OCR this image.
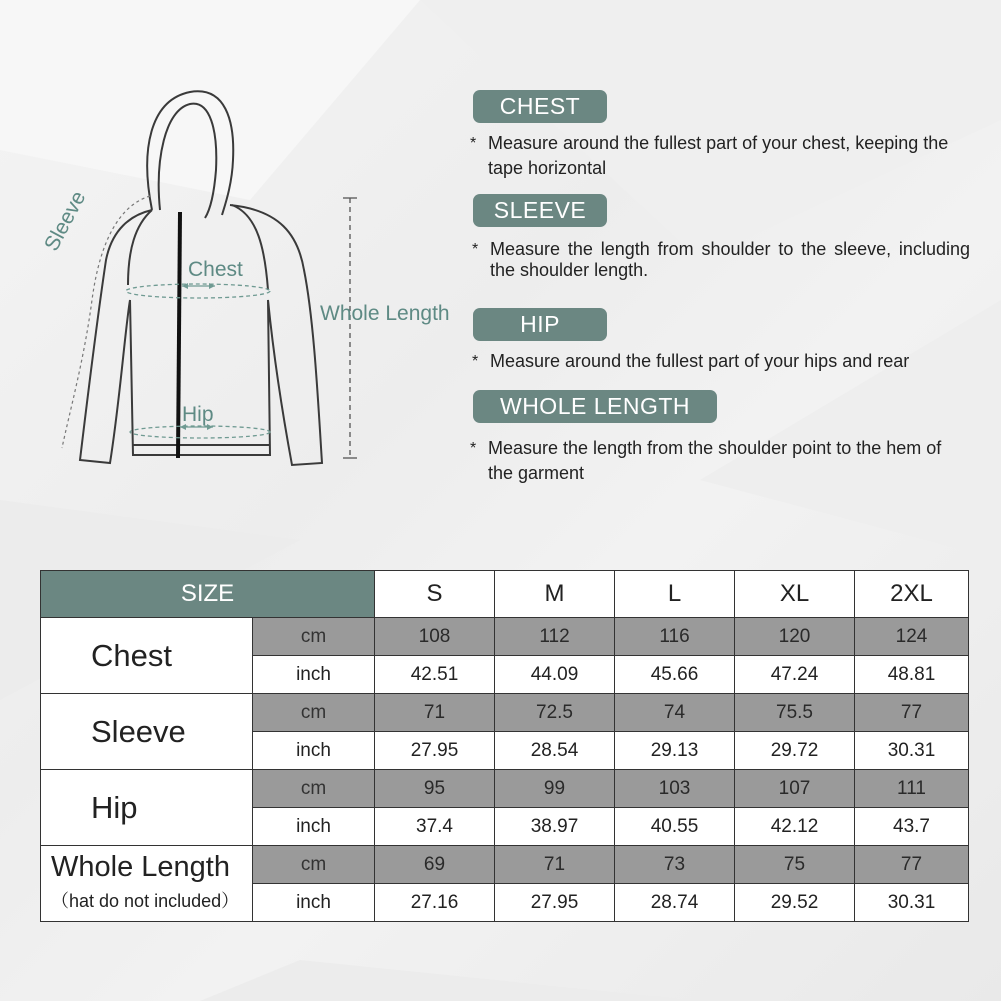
Sleeve
Chest
Whole Length
Hip
CHEST
* Measure around the fullest part of your chest, keeping the tape horizontal
SLEEVE
* Measure the length from shoulder to the sleeve, including the shoulder length.
HIP
* Measure around the fullest part of your hips and rear
WHOLE LENGTH
* Measure the length from the shoulder point to the hem of the garment
SIZE		S	M	L	XL	2XL
Chest	cm	108	112	116	120	124
	inch	42.51	44.09	45.66	47.24	48.81
Sleeve	cm	71	72.5	74	75.5	77
	inch	27.95	28.54	29.13	29.72	30.31
Hip	cm	95	99	103	107	111
	inch	37.4	38.97	40.55	42.12	43.7
Whole Length
（hat do not included）	cm	69	71	73	75	77
	inch	27.16	27.95	28.74	29.52	30.31
